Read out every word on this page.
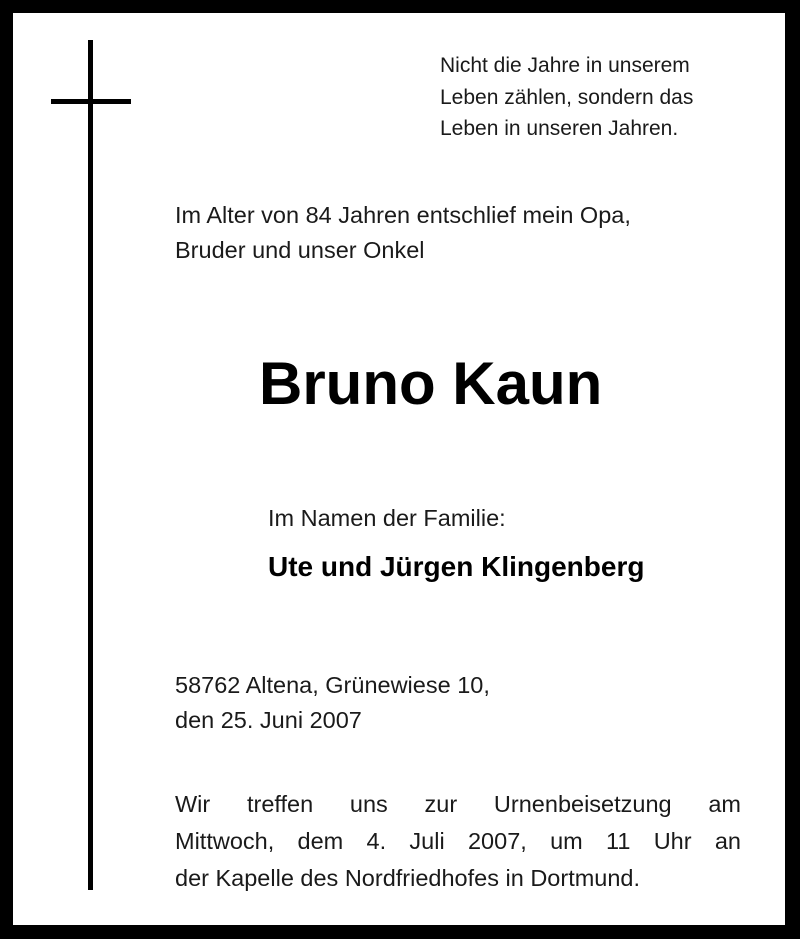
Nicht die Jahre in unserem
Leben zählen, sondern das
Leben in unseren Jahren.
Im Alter von 84 Jahren entschlief mein Opa,
Bruder und unser Onkel
Bruno Kaun
Im Namen der Familie:
Ute und Jürgen Klingenberg
58762 Altena, Grünewiese 10,
den 25. Juni 2007
Wir treffen uns zur Urnenbeisetzung am
Mittwoch, dem 4. Juli 2007, um 11 Uhr an
der Kapelle des Nordfriedhofes in Dortmund.
